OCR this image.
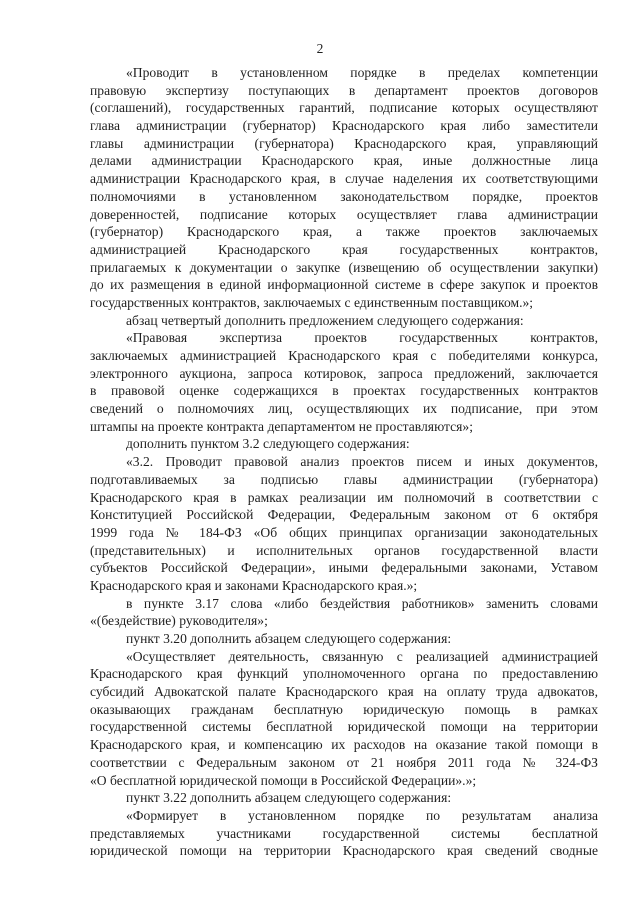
2
«Проводит в установленном порядке в пределах компетенции
правовую экспертизу поступающих в департамент проектов договоров
(соглашений), государственных гарантий, подписание которых осуществляют
глава администрации (губернатор) Краснодарского края либо заместители
главы администрации (губернатора) Краснодарского края, управляющий
делами администрации Краснодарского края, иные должностные лица
администрации Краснодарского края, в случае наделения их соответствующими
полномочиями в установленном законодательством порядке, проектов
доверенностей, подписание которых осуществляет глава администрации
(губернатор) Краснодарского края, а также проектов заключаемых
администрацией Краснодарского края государственных контрактов,
прилагаемых к документации о закупке (извещению об осуществлении закупки)
до их размещения в единой информационной системе в сфере закупок и проектов
государственных контрактов, заключаемых с единственным поставщиком.»;
абзац четвертый дополнить предложением следующего содержания:
«Правовая экспертиза проектов государственных контрактов,
заключаемых администрацией Краснодарского края с победителями конкурса,
электронного аукциона, запроса котировок, запроса предложений, заключается
в правовой оценке содержащихся в проектах государственных контрактов
сведений о полномочиях лиц, осуществляющих их подписание, при этом
штампы на проекте контракта департаментом не проставляются»;
дополнить пунктом 3.2 следующего содержания:
«3.2. Проводит правовой анализ проектов писем и иных документов,
подготавливаемых за подписью главы администрации (губернатора)
Краснодарского края в рамках реализации им полномочий в соответствии с
Конституцией Российской Федерации, Федеральным законом от 6 октября
1999 года № 184-ФЗ «Об общих принципах организации законодательных
(представительных) и исполнительных органов государственной власти
субъектов Российской Федерации», иными федеральными законами, Уставом
Краснодарского края и законами Краснодарского края.»;
в пункте 3.17 слова «либо бездействия работников» заменить словами
«(бездействие) руководителя»;
пункт 3.20 дополнить абзацем следующего содержания:
«Осуществляет деятельность, связанную с реализацией администрацией
Краснодарского края функций уполномоченного органа по предоставлению
субсидий Адвокатской палате Краснодарского края на оплату труда адвокатов,
оказывающих гражданам бесплатную юридическую помощь в рамках
государственной системы бесплатной юридической помощи на территории
Краснодарского края, и компенсацию их расходов на оказание такой помощи в
соответствии с Федеральным законом от 21 ноября 2011 года № 324-ФЗ
«О бесплатной юридической помощи в Российской Федерации».»;
пункт 3.22 дополнить абзацем следующего содержания:
«Формирует в установленном порядке по результатам анализа
представляемых участниками государственной системы бесплатной
юридической помощи на территории Краснодарского края сведений сводные
